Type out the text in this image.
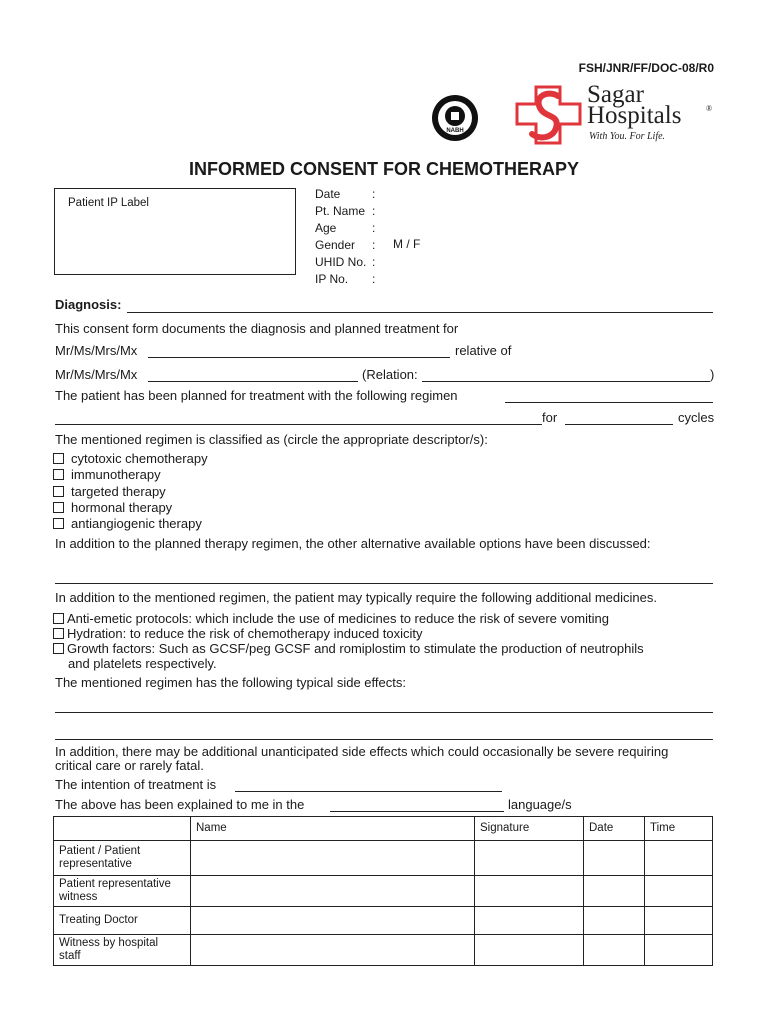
FSH/JNR/FF/DOC-08/R0
NABH
Sagar
Hospitals	®
With You. For Life.
INFORMED CONSENT FOR CHEMOTHERAPY
Patient IP Label
Date	:
Pt. Name :
Age	:
Gender : M / F
UHID No. :
IP No. :
Diagnosis:
This consent form documents the diagnosis and planned treatment for
Mr/Ms/Mrs/Mx	relative of
Mr/Ms/Mrs/Mx	(Relation:	)
The patient has been planned for treatment with the following regimen
for	cycles
The mentioned regimen is classified as (circle the appropriate descriptor/s):
cytotoxic chemotherapy
immunotherapy
targeted therapy
hormonal therapy
antiangiogenic therapy
In addition to the planned therapy regimen, the other alternative available options have been discussed:
In addition to the mentioned regimen, the patient may typically require the following additional medicines.
Anti-emetic protocols: which include the use of medicines to reduce the risk of severe vomiting
Hydration: to reduce the risk of chemotherapy induced toxicity
Growth factors: Such as GCSF/peg GCSF and romiplostim to stimulate the production of neutrophils
and platelets respectively.
The mentioned regimen has the following typical side effects:
In addition, there may be additional unanticipated side effects which could occasionally be severe requiring
critical care or rarely fatal.
The intention of treatment is
The above has been explained to me in the	language/s
	Name	Signature	Date	Time
Patient / Patient
representative				
Patient representative
witness				
Treating Doctor				
Witness by hospital
staff				
